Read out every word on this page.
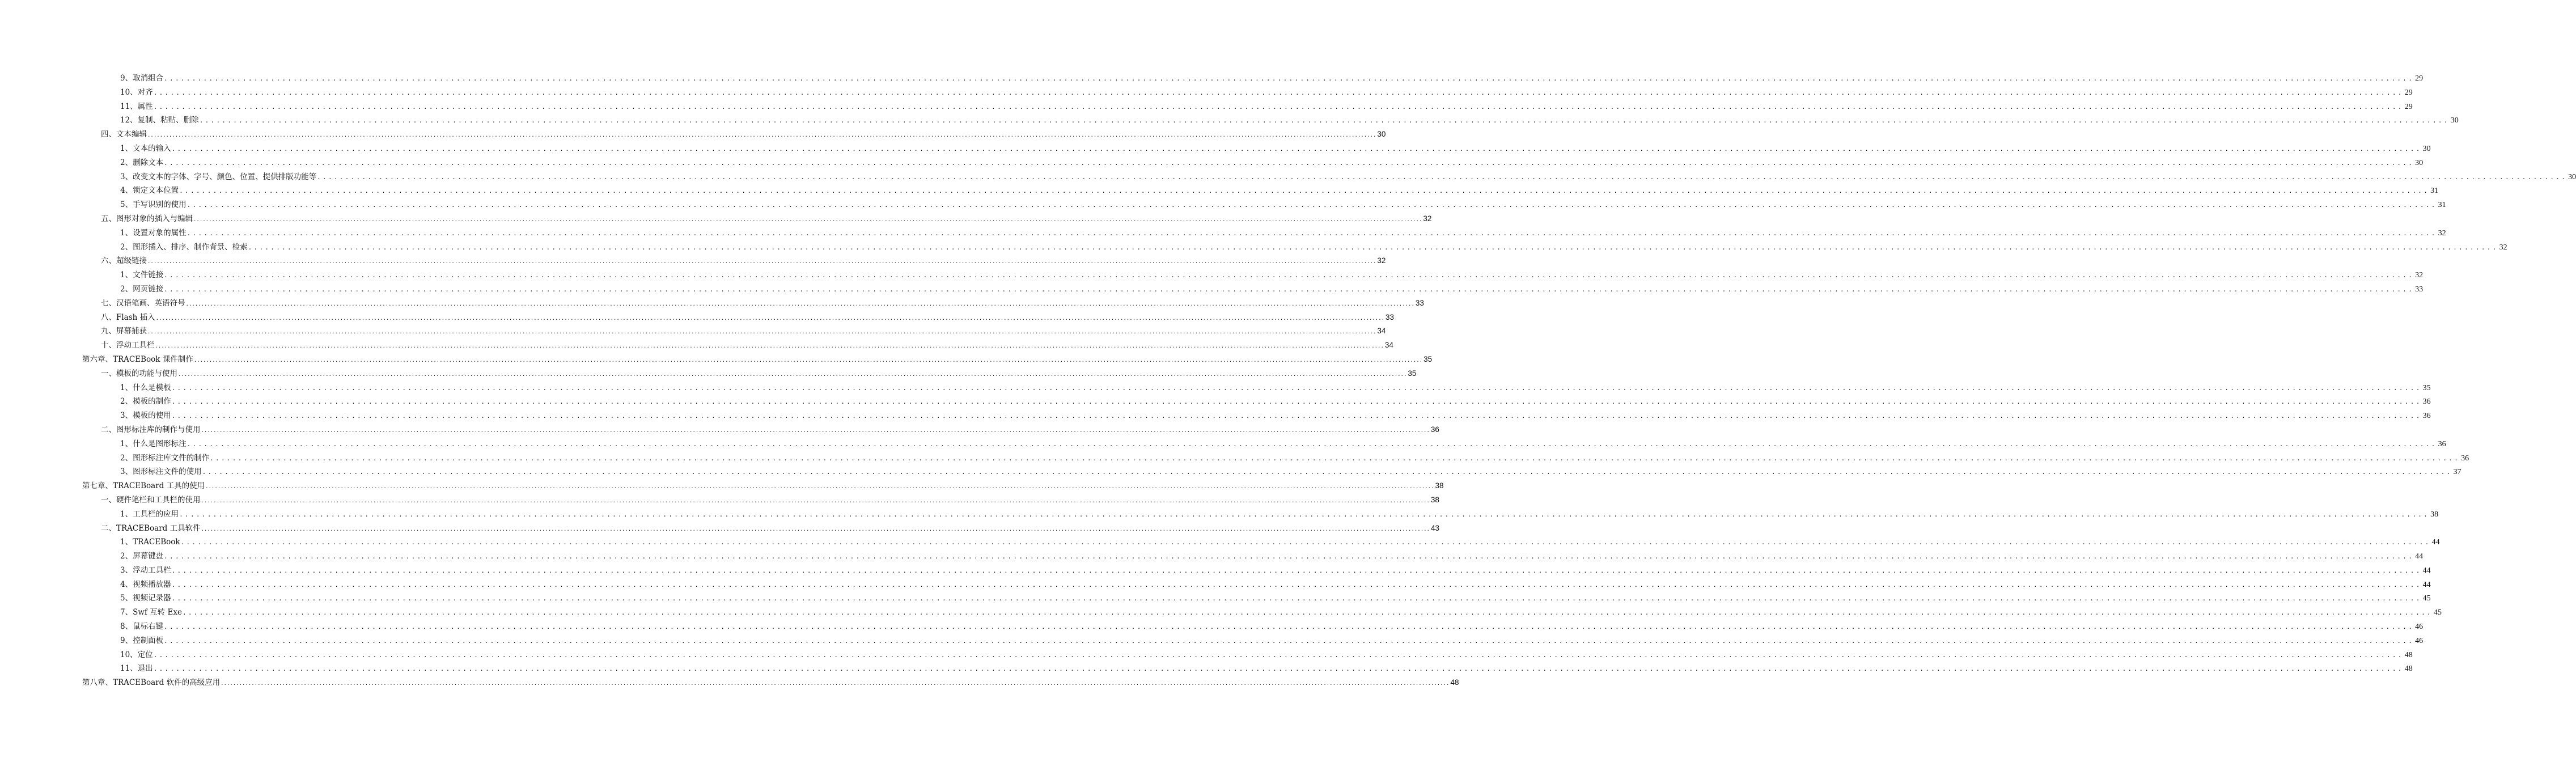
9、取消组合 ................................................................................................................................................................................................................................................................................................................................................................................................................ 29
10、对齐 ................................................................................................................................................................................................................................................................................................................................................................................................................ 29
11、属性 ................................................................................................................................................................................................................................................................................................................................................................................................................ 29
12、复制、粘贴、删除 ................................................................................................................................................................................................................................................................................................................................................................................................................ 30
四、文本编辑 ................................................................................................................................................................................................................................................................................................................................................................................................................ 30
1、文本的输入 ................................................................................................................................................................................................................................................................................................................................................................................................................ 30
2、删除文本 ................................................................................................................................................................................................................................................................................................................................................................................................................ 30
3、改变文本的字体、字号、颜色、位置、提供排版功能等 ................................................................................................................................................................................................................................................................................................................................................................................................................ 30
4、锁定文本位置 ................................................................................................................................................................................................................................................................................................................................................................................................................ 31
5、手写识别的使用 ................................................................................................................................................................................................................................................................................................................................................................................................................ 31
五、图形对象的插入与编辑 ................................................................................................................................................................................................................................................................................................................................................................................................................ 32
1、设置对象的属性 ................................................................................................................................................................................................................................................................................................................................................................................................................ 32
2、图形插入、排序、制作背景、检索 ................................................................................................................................................................................................................................................................................................................................................................................................................ 32
六、超级链接 ................................................................................................................................................................................................................................................................................................................................................................................................................ 32
1、文件链接 ................................................................................................................................................................................................................................................................................................................................................................................................................ 32
2、网页链接 ................................................................................................................................................................................................................................................................................................................................................................................................................ 33
七、汉语笔画、英语符号 ................................................................................................................................................................................................................................................................................................................................................................................................................ 33
八、Flash 插入 ................................................................................................................................................................................................................................................................................................................................................................................................................ 33
九、屏幕捕获 ................................................................................................................................................................................................................................................................................................................................................................................................................ 34
十、浮动工具栏 ................................................................................................................................................................................................................................................................................................................................................................................................................ 34
第六章、TRACEBook 课件制作 ................................................................................................................................................................................................................................................................................................................................................................................................................ 35
一、模板的功能与使用 ................................................................................................................................................................................................................................................................................................................................................................................................................ 35
1、什么是模板 ................................................................................................................................................................................................................................................................................................................................................................................................................ 35
2、模板的制作 ................................................................................................................................................................................................................................................................................................................................................................................................................ 36
3、模板的使用 ................................................................................................................................................................................................................................................................................................................................................................................................................ 36
二、图形标注库的制作与使用 ................................................................................................................................................................................................................................................................................................................................................................................................................ 36
1、什么是图形标注 ................................................................................................................................................................................................................................................................................................................................................................................................................ 36
2、图形标注库文件的制作 ................................................................................................................................................................................................................................................................................................................................................................................................................ 36
3、图形标注文件的使用 ................................................................................................................................................................................................................................................................................................................................................................................................................ 37
第七章、TRACEBoard 工具的使用 ................................................................................................................................................................................................................................................................................................................................................................................................................ 38
一、硬件笔栏和工具栏的使用 ................................................................................................................................................................................................................................................................................................................................................................................................................ 38
1、工具栏的应用 ................................................................................................................................................................................................................................................................................................................................................................................................................ 38
二、TRACEBoard 工具软件 ................................................................................................................................................................................................................................................................................................................................................................................................................ 43
1、TRACEBook ................................................................................................................................................................................................................................................................................................................................................................................................................ 44
2、屏幕键盘 ................................................................................................................................................................................................................................................................................................................................................................................................................ 44
3、浮动工具栏 ................................................................................................................................................................................................................................................................................................................................................................................................................ 44
4、视频播放器 ................................................................................................................................................................................................................................................................................................................................................................................................................ 44
5、视频记录器 ................................................................................................................................................................................................................................................................................................................................................................................................................ 45
7、Swf 互转 Exe ................................................................................................................................................................................................................................................................................................................................................................................................................ 45
8、鼠标右键 ................................................................................................................................................................................................................................................................................................................................................................................................................ 46
9、控制面板 ................................................................................................................................................................................................................................................................................................................................................................................................................ 46
10、定位 ................................................................................................................................................................................................................................................................................................................................................................................................................ 48
11、退出 ................................................................................................................................................................................................................................................................................................................................................................................................................ 48
第八章、TRACEBoard 软件的高级应用 ................................................................................................................................................................................................................................................................................................................................................................................................................ 48
